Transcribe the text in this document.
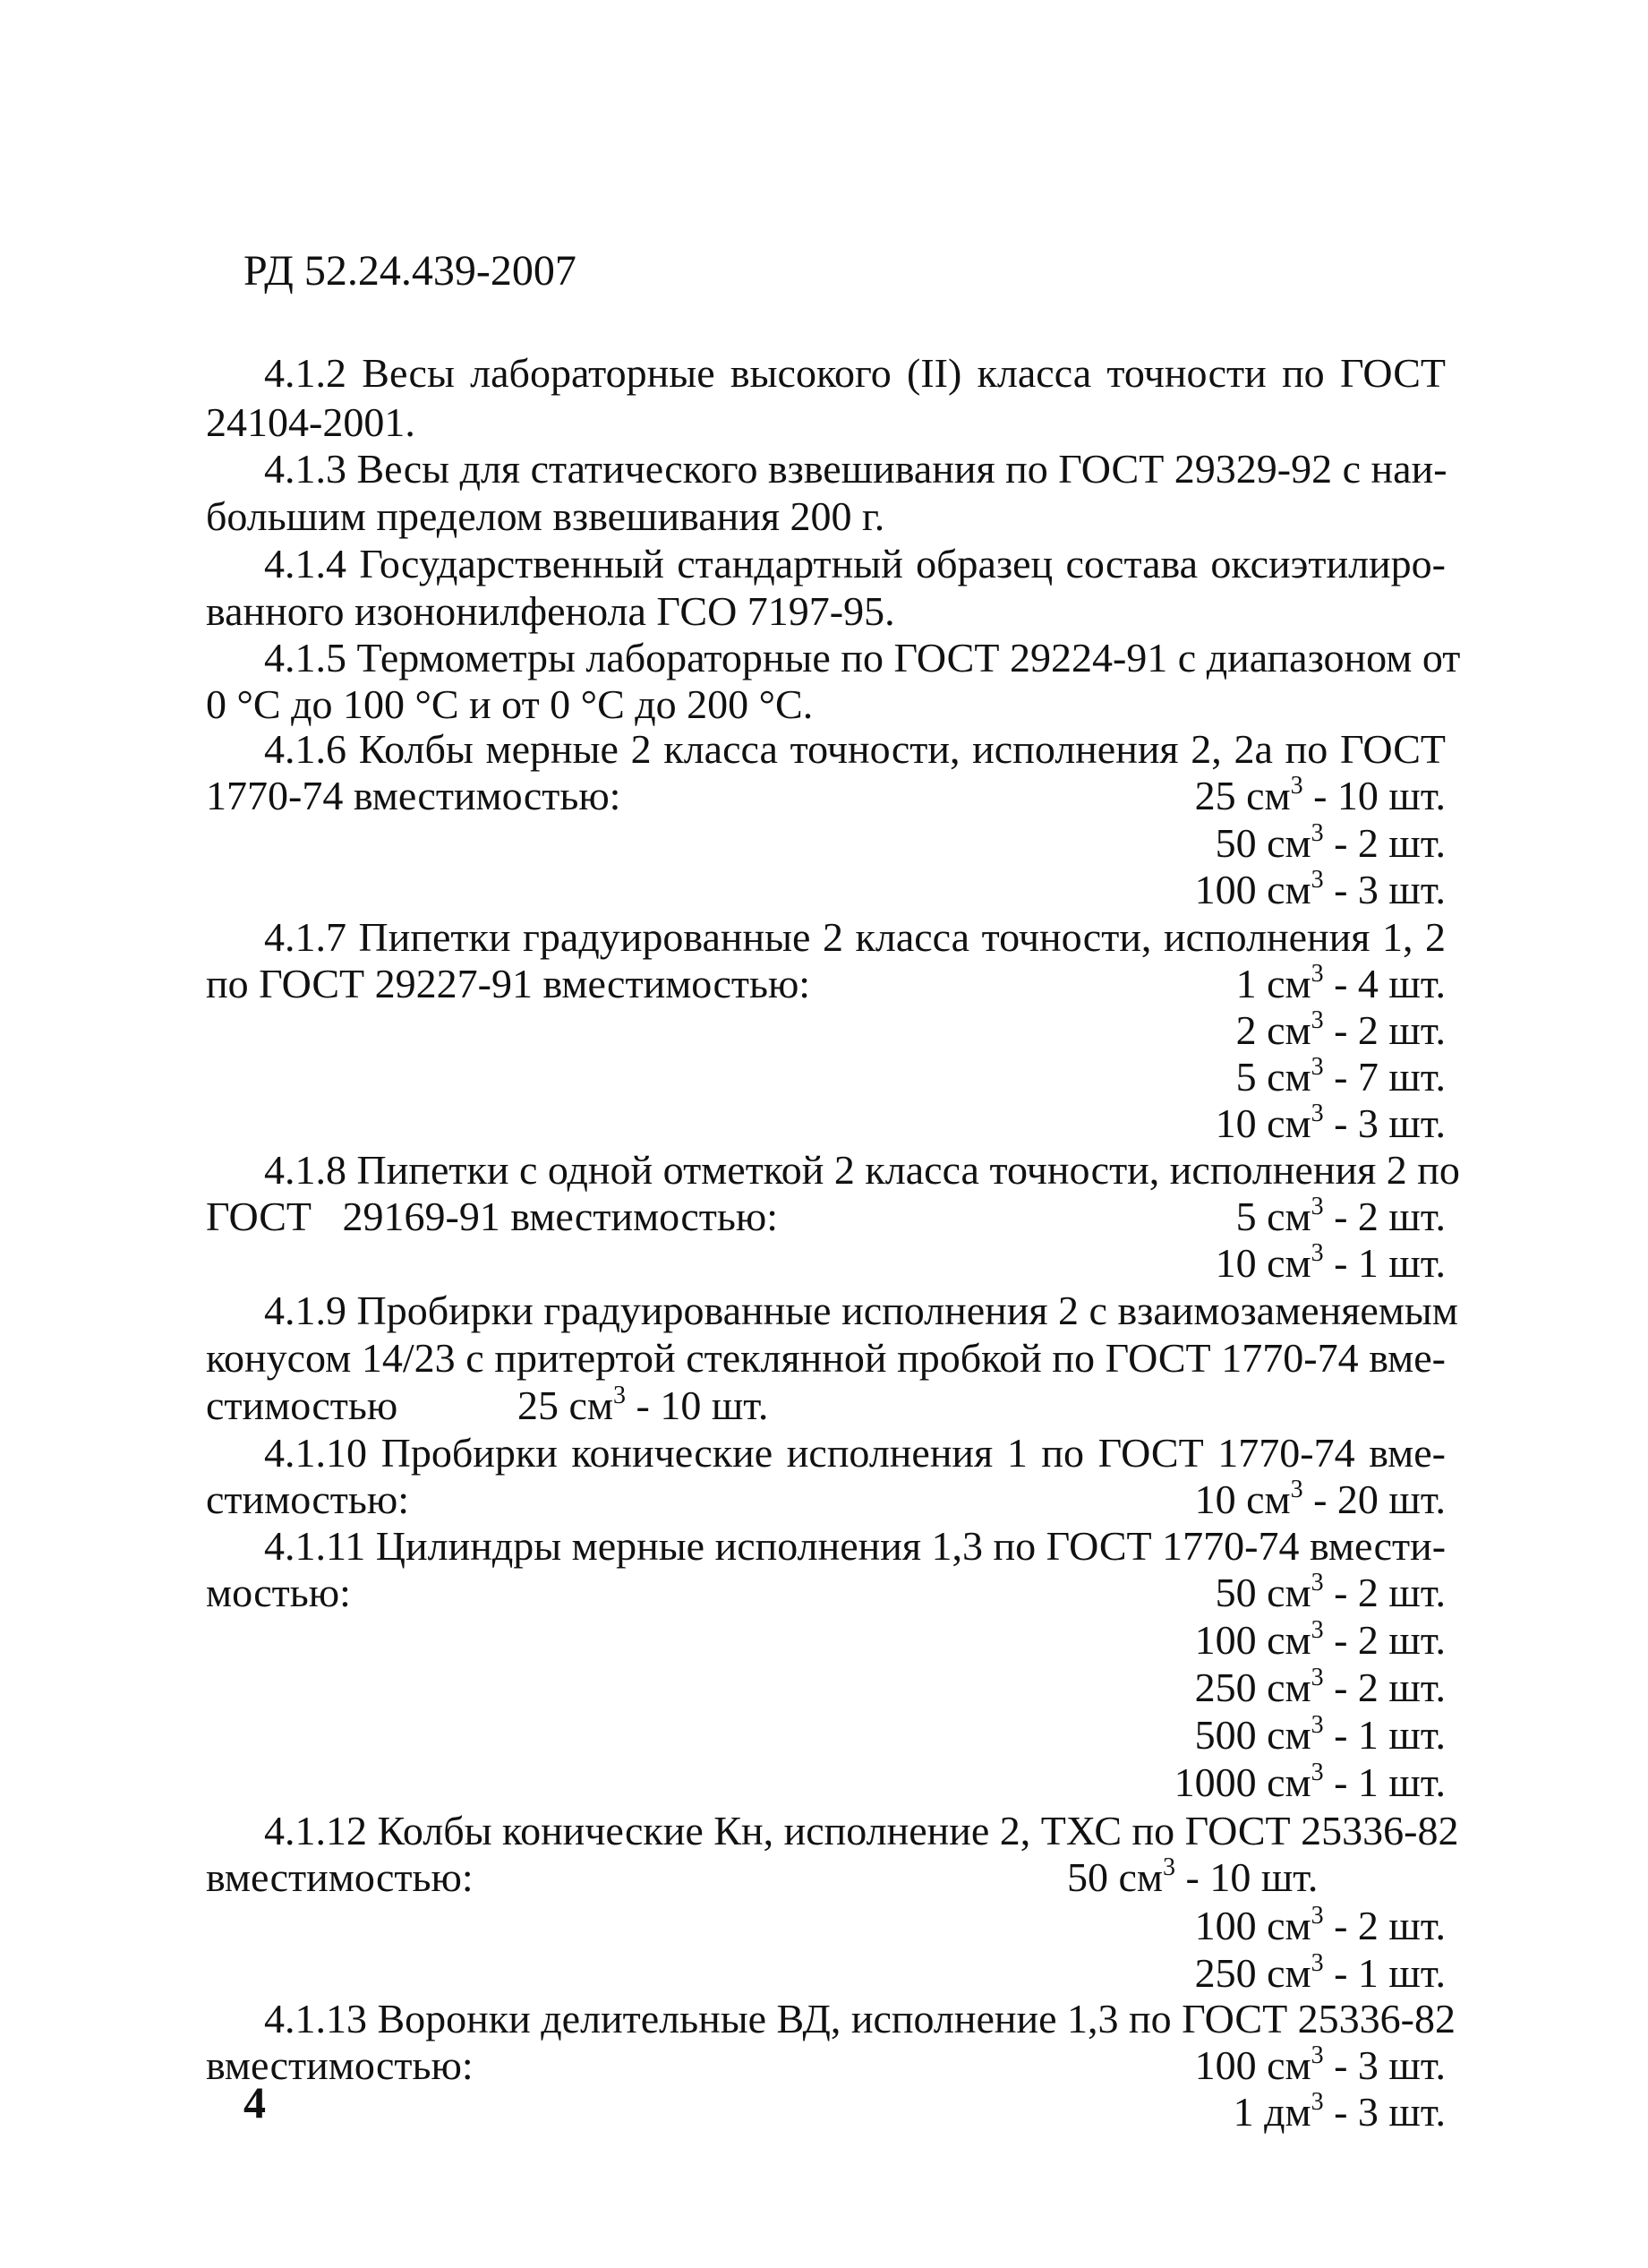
РД 52.24.439-2007
4.1.2 Весы лабораторные высокого (II) класса точности по ГОСТ
24104-2001.
4.1.3 Весы для статического взвешивания по ГОСТ 29329-92 с наи-
большим пределом взвешивания 200 г.
4.1.4 Государственный стандартный образец состава оксиэтилиро-
ванного изононилфенола ГСО 7197-95.
4.1.5 Термометры лабораторные по ГОСТ 29224-91 с диапазоном от
0 °С до 100 °С и от 0 °С до 200 °С.
4.1.6 Колбы мерные 2 класса точности, исполнения 2, 2а по ГОСТ
1770-74 вместимостью:	25 $см^3 - 10$ шт.
50 $см^3 - 2$ шт.
100 $см^3 - 3$ шт.
4.1.7 Пипетки градуированные 2 класса точности, исполнения 1, 2
по ГОСТ 29227-91 вместимостью:	1 $см^3 - 4$ шт.
2 $см^3 - 2$ шт.
5 $см^3 - 7$ шт.
10 $см^3 - 3$ шт.
4.1.8 Пипетки с одной отметкой 2 класса точности, исполнения 2 по
ГОСТ   29169-91 вместимостью:	5 $см^3 - 2$ шт.
10 $см^3 - 1$ шт.
4.1.9 Пробирки градуированные исполнения 2 с взаимозаменяемым
конусом 14/23 с притертой стеклянной пробкой по ГОСТ 1770-74 вме-
стимостью	25 $см^3 - 10$ шт.
4.1.10 Пробирки конические исполнения 1 по ГОСТ 1770-74 вме-
стимостью:	10 $см^3 - 20$ шт.
4.1.11 Цилиндры мерные исполнения 1,3 по ГОСТ 1770-74 вмести-
мостью:	50 $см^3 - 2$ шт.
100 $см^3 - 2$ шт.
250 $см^3 - 2$ шт.
500 $см^3 - 1$ шт.
1000 $см^3 - 1$ шт.
4.1.12 Колбы конические Кн, исполнение 2, ТХС по ГОСТ 25336-82
вместимостью:	50 $см^3 - 10$ шт.
100 $см^3 - 2$ шт.
250 $см^3 - 1$ шт.
4.1.13 Воронки делительные ВД, исполнение 1,3 по ГОСТ 25336-82
вместимостью:	100 $см^3 - 3$ шт.
1 $дм^3 - 3$ шт.
4
